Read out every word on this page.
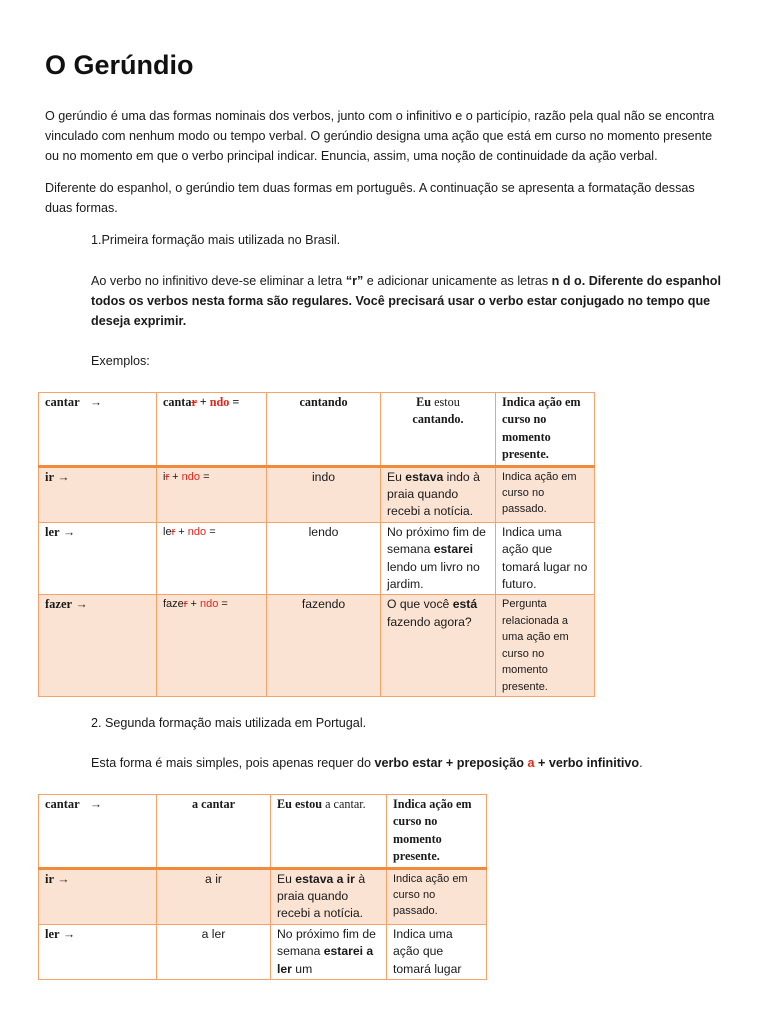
O Gerúndio

O gerúndio é uma das formas nominais dos verbos, junto com o infinitivo e o particípio, razão pela qual não se encontra vinculado com nenhum modo ou tempo verbal. O gerúndio designa uma ação que está em curso no momento presente ou no momento em que o verbo principal indicar. Enuncia, assim, uma noção de continuidade da ação verbal.

Diferente do espanhol, o gerúndio tem duas formas em português. A continuação se apresenta a formatação dessas duas formas.

1.Primeira formação mais utilizada no Brasil.

Ao verbo no infinitivo deve-se eliminar a letra “r” e adicionar unicamente as letras n d o. Diferente do espanhol todos os verbos nesta forma são regulares. Você precisará usar o verbo estar conjugado no tempo que deseja exprimir.

Exemplos:

cantar →	cantar + ndo =	cantando	Eu estou
cantando.	Indica ação em curso no momento presente.
ir →	ir + ndo =	indo	Eu estava indo à praia quando recebi a notícia.	Indica ação em curso no passado.
ler →	ler + ndo =	lendo	No próximo fim de semana estarei lendo um livro no jardim.	Indica uma ação que tomará lugar no futuro.
fazer →	fazer + ndo =	fazendo	O que você está fazendo agora?	Pergunta relacionada a uma ação em curso no momento presente.

2. Segunda formação mais utilizada em Portugal.

Esta forma é mais simples, pois apenas requer do verbo estar + preposição a + verbo infinitivo.

cantar →	a cantar	Eu estou a cantar.	Indica ação em curso no momento presente.
ir →	a ir	Eu estava a ir à praia quando recebi a notícia.	Indica ação em curso no passado.
ler →	a ler	No próximo fim de semana estarei a ler um	Indica uma ação que tomará lugar
